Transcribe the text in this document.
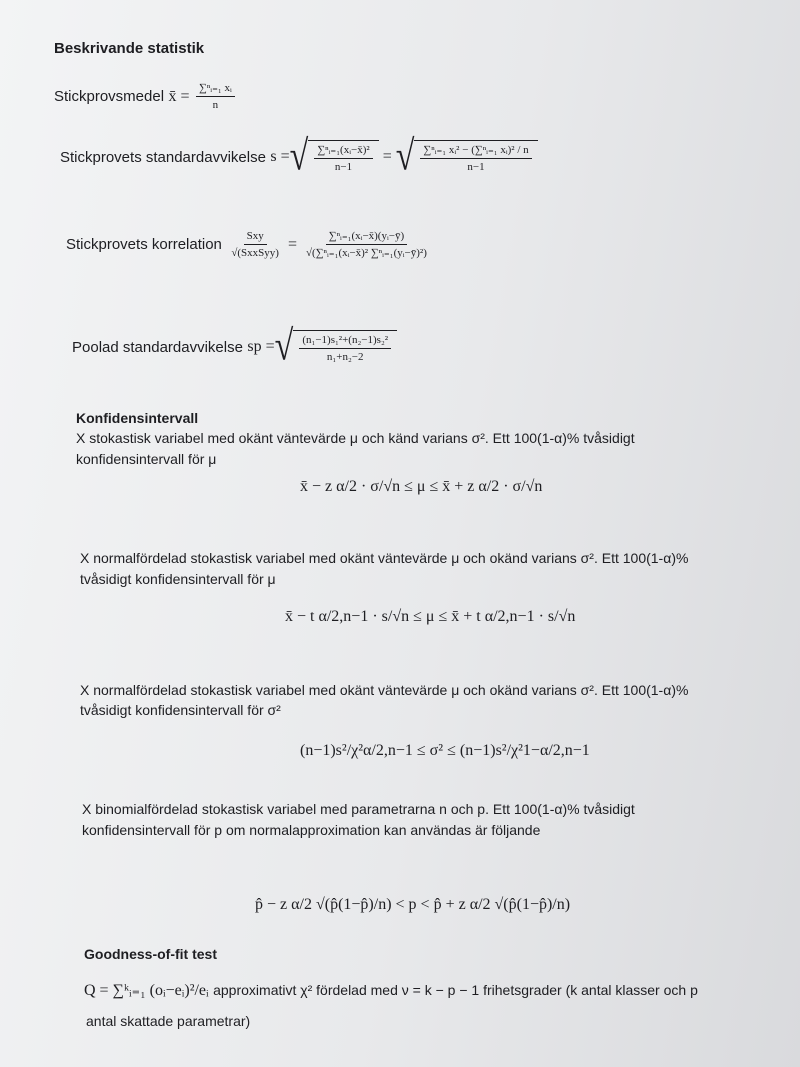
Beskrivande statistik
Stickprovsmedel x̄ = $\frac{\text{∑ⁿᵢ₌₁ xᵢ}}{n}$
Stickprovets standardavvikelse
s = √ ∑ⁿᵢ₌₁(xᵢ−x̄)²
n−1
= √ ∑ⁿᵢ₌₁ xᵢ² − (∑ⁿᵢ₌₁ xᵢ)² / n
n−1
Stickprovets korrelation

Sxy
√(SxxSyy)
= $\frac{\text{∑ⁿᵢ₌₁(xᵢ−x̄)(yᵢ−ȳ)}}{\text{√(∑ⁿᵢ₌₁(xᵢ−x̄)² ∑ⁿᵢ₌₁(yᵢ−ȳ)²)}}$
Poolad standardavvikelse
sp = √ $\frac{\text{(n₁−1)s₁²+(n₂−1)s₂²}}{\text{n₁+n₂−2}}$
Konfidensintervall
X stokastisk variabel med okänt väntevärde μ och känd varians σ². Ett 100(1-α)% tvåsidigt
konfidensintervall för μ
x̄ − z α/2 · σ/√n ≤ μ ≤ x̄ + z α/2 · σ/√n
X normalfördelad stokastisk variabel med okänt väntevärde μ och okänd varians σ². Ett 100(1-α)%
tvåsidigt konfidensintervall för μ
x̄ − t α/2,n−1 · s/√n ≤ μ ≤ x̄ + t α/2,n−1 · s/√n
X normalfördelad stokastisk variabel med okänt väntevärde μ och okänd varians σ². Ett 100(1-α)%
tvåsidigt konfidensintervall för σ²
(n−1)s²/χ²α/2,n−1 ≤ σ² ≤ (n−1)s²/χ²1−α/2,n−1
X binomialfördelad stokastisk variabel med parametrarna n och p. Ett 100(1-α)% tvåsidigt
konfidensintervall för p om normalapproximation kan användas är följande
p̂ − z α/2 √(p̂(1−p̂)/n) < p < p̂ + z α/2 √(p̂(1−p̂)/n)
Goodness-of-fit test
Q = ∑ᵏᵢ₌₁ (oᵢ−eᵢ)²/eᵢ approximativt χ² fördelad med ν = k − p − 1 frihetsgrader (k antal klasser och p
antal skattade parametrar)
